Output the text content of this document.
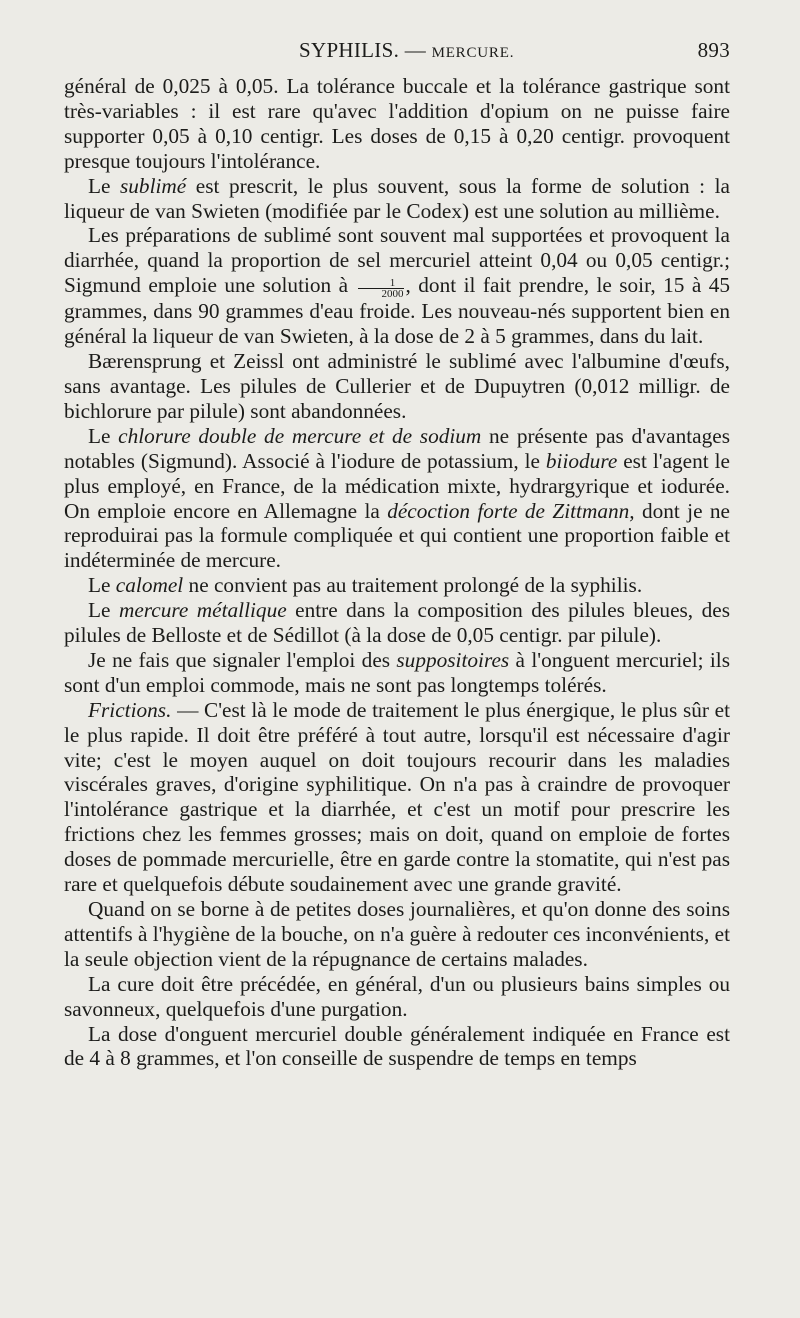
SYPHILIS. — MERCURE.	893

général de 0,025 à 0,05. La tolérance buccale et la tolérance gastrique sont très-variables : il est rare qu'avec l'addition d'opium on ne puisse faire supporter 0,05 à 0,10 centigr. Les doses de 0,15 à 0,20 centigr. provoquent presque toujours l'intolérance.

Le sublimé est prescrit, le plus souvent, sous la forme de solution : la liqueur de van Swieten (modifiée par le Codex) est une solution au millième.

Les préparations de sublimé sont souvent mal supportées et provoquent la diarrhée, quand la proportion de sel mercuriel atteint 0,04 ou 0,05 centigr.; Sigmund emploie une solution à $\frac{1}{2000}$ , dont il fait prendre, le soir, 15 à 45 grammes, dans 90 grammes d'eau froide. Les nouveau-nés supportent bien en général la liqueur de van Swieten, à la dose de 2 à 5 grammes, dans du lait.

Bærensprung et Zeissl ont administré le sublimé avec l'albumine d'œufs, sans avantage. Les pilules de Cullerier et de Dupuytren (0,012 milligr. de bichlorure par pilule) sont abandonnées.

Le chlorure double de mercure et de sodium ne présente pas d'avantages notables (Sigmund). Associé à l'iodure de potassium, le biiodure est l'agent le plus employé, en France, de la médication mixte, hydrargyrique et iodurée. On emploie encore en Allemagne la décoction forte de Zittmann, dont je ne reproduirai pas la formule compliquée et qui contient une proportion faible et indéterminée de mercure.

Le calomel ne convient pas au traitement prolongé de la syphilis.

Le mercure métallique entre dans la composition des pilules bleues, des pilules de Belloste et de Sédillot (à la dose de 0,05 centigr. par pilule).

Je ne fais que signaler l'emploi des suppositoires à l'onguent mercuriel; ils sont d'un emploi commode, mais ne sont pas longtemps tolérés.

Frictions. — C'est là le mode de traitement le plus énergique, le plus sûr et le plus rapide. Il doit être préféré à tout autre, lorsqu'il est nécessaire d'agir vite; c'est le moyen auquel on doit toujours recourir dans les maladies viscérales graves, d'origine syphilitique. On n'a pas à craindre de provoquer l'intolérance gastrique et la diarrhée, et c'est un motif pour prescrire les frictions chez les femmes grosses; mais on doit, quand on emploie de fortes doses de pommade mercurielle, être en garde contre la stomatite, qui n'est pas rare et quelquefois débute soudainement avec une grande gravité.

Quand on se borne à de petites doses journalières, et qu'on donne des soins attentifs à l'hygiène de la bouche, on n'a guère à redouter ces inconvénients, et la seule objection vient de la répugnance de certains malades.

La cure doit être précédée, en général, d'un ou plusieurs bains simples ou savonneux, quelquefois d'une purgation.

La dose d'onguent mercuriel double généralement indiquée en France est de 4 à 8 grammes, et l'on conseille de suspendre de temps en temps
